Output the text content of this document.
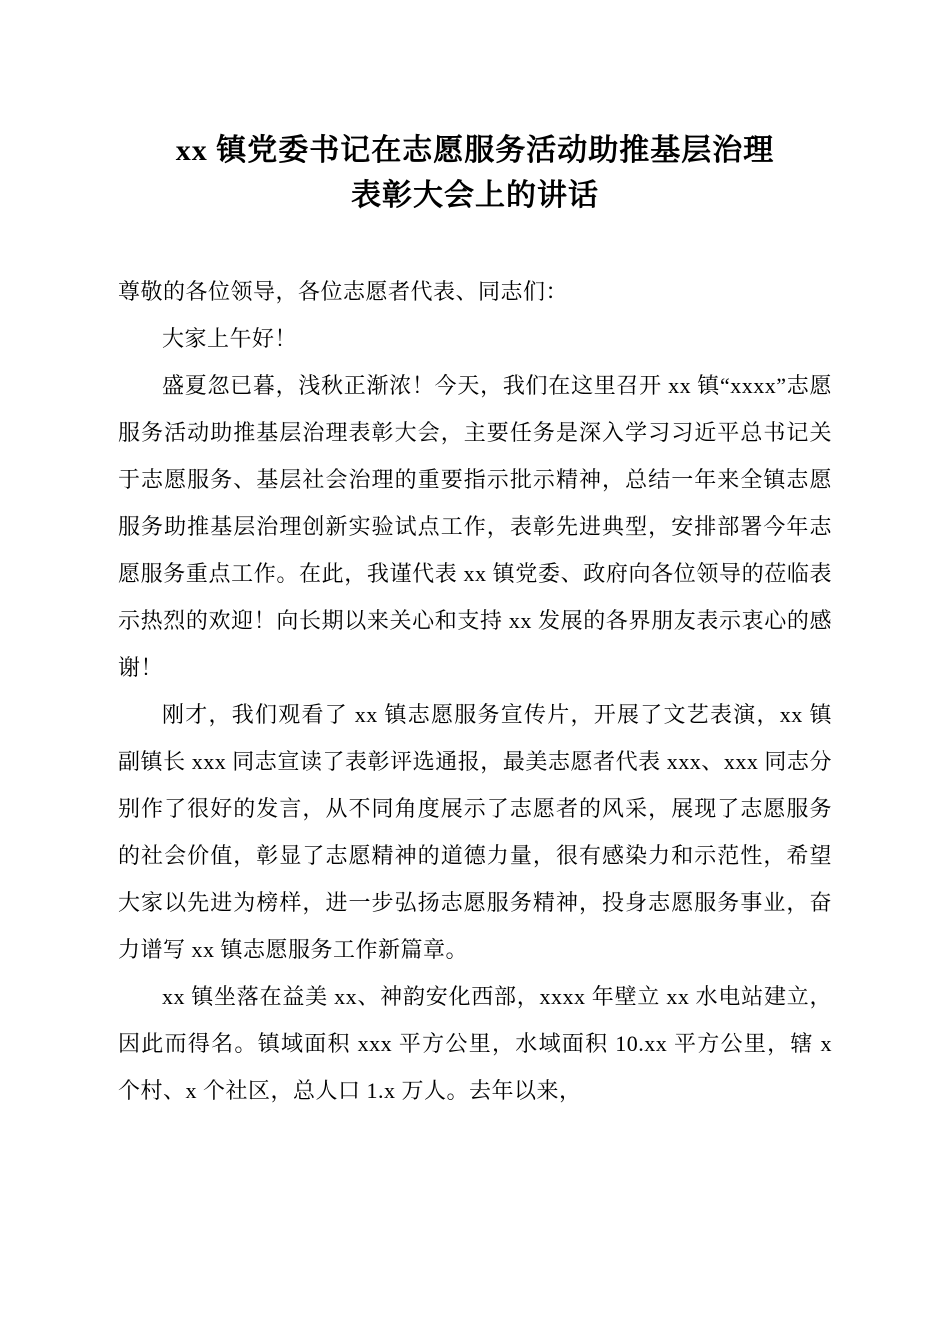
xx 镇党委书记在志愿服务活动助推基层治理
表彰大会上的讲话

尊敬的各位领导，各位志愿者代表、同志们：

大家上午好！

盛夏忽已暮，浅秋正渐浓！今天，我们在这里召开 xx 镇“xxxx”志愿服务活动助推基层治理表彰大会，主要任务是深入学习习近平总书记关于志愿服务、基层社会治理的重要指示批示精神，总结一年来全镇志愿服务助推基层治理创新实验试点工作，表彰先进典型，安排部署今年志愿服务重点工作。在此，我谨代表 xx 镇党委、政府向各位领导的莅临表示热烈的欢迎！向长期以来关心和支持 xx 发展的各界朋友表示衷心的感谢！

刚才，我们观看了 xx 镇志愿服务宣传片，开展了文艺表演，xx 镇副镇长 xxx 同志宣读了表彰评选通报，最美志愿者代表 xxx、xxx 同志分别作了很好的发言，从不同角度展示了志愿者的风采，展现了志愿服务的社会价值，彰显了志愿精神的道德力量，很有感染力和示范性，希望大家以先进为榜样，进一步弘扬志愿服务精神，投身志愿服务事业，奋力谱写 xx 镇志愿服务工作新篇章。

xx 镇坐落在益美 xx、神韵安化西部，xxxx 年壁立 xx 水电站建立，因此而得名。镇域面积 xxx 平方公里，水域面积 10.xx 平方公里，辖 x 个村、x 个社区，总人口 1.x 万人。去年以来，
